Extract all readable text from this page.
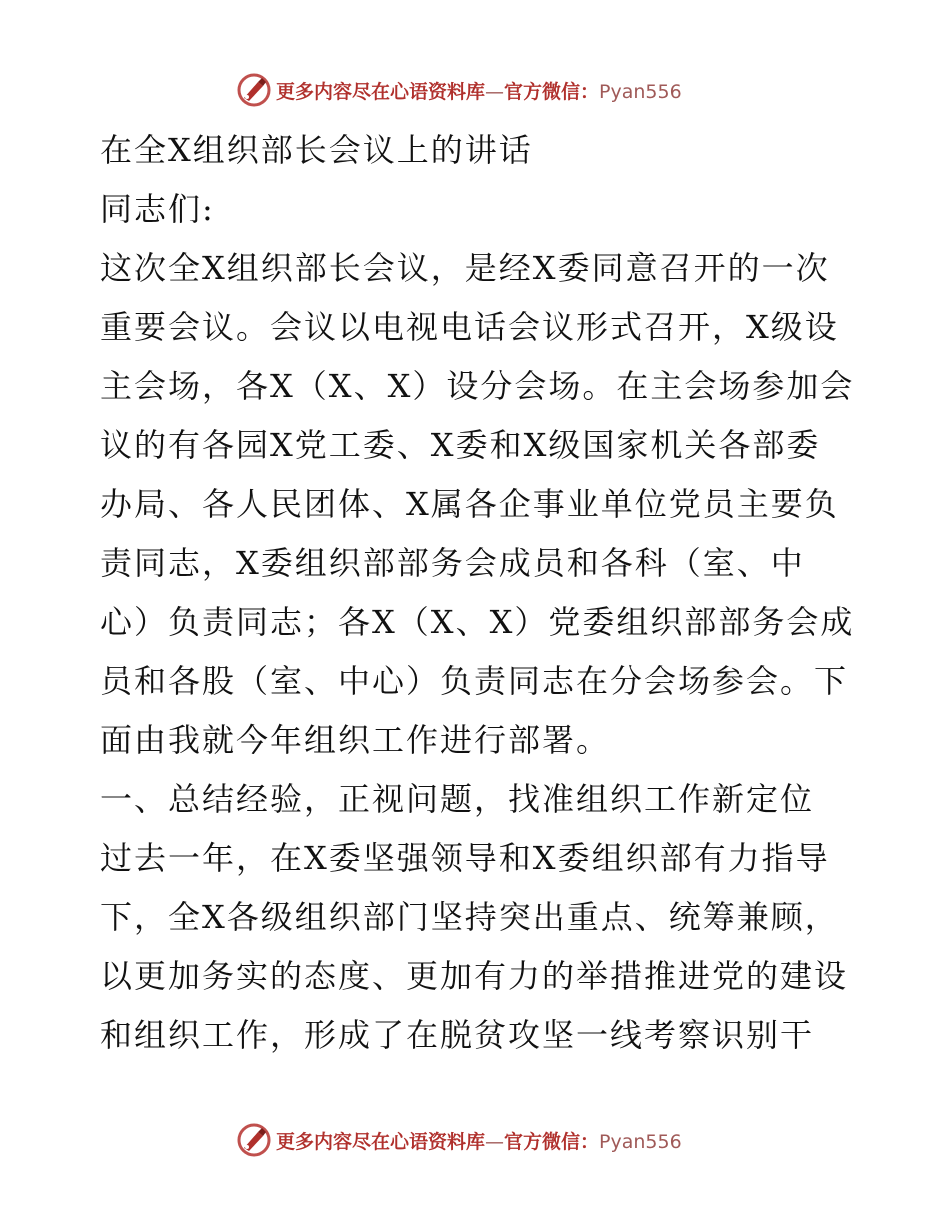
更多内容尽在心语资料库—官方微信：Pyan556
在全X组织部长会议上的讲话
同志们:
这次全X组织部长会议，是经X委同意召开的一次
重要会议。会议以电视电话会议形式召开，X级设
主会场，各X（X、X）设分会场。在主会场参加会
议的有各园X党工委、X委和X级国家机关各部委
办局、各人民团体、X属各企事业单位党员主要负
责同志，X委组织部部务会成员和各科（室、中
心）负责同志；各X（X、X）党委组织部部务会成
员和各股（室、中心）负责同志在分会场参会。下
面由我就今年组织工作进行部署。
一、总结经验，正视问题，找准组织工作新定位
过去一年，在X委坚强领导和X委组织部有力指导
下，全X各级组织部门坚持突出重点、统筹兼顾，
以更加务实的态度、更加有力的举措推进党的建设
和组织工作，形成了在脱贫攻坚一线考察识别干
更多内容尽在心语资料库—官方微信：Pyan556
